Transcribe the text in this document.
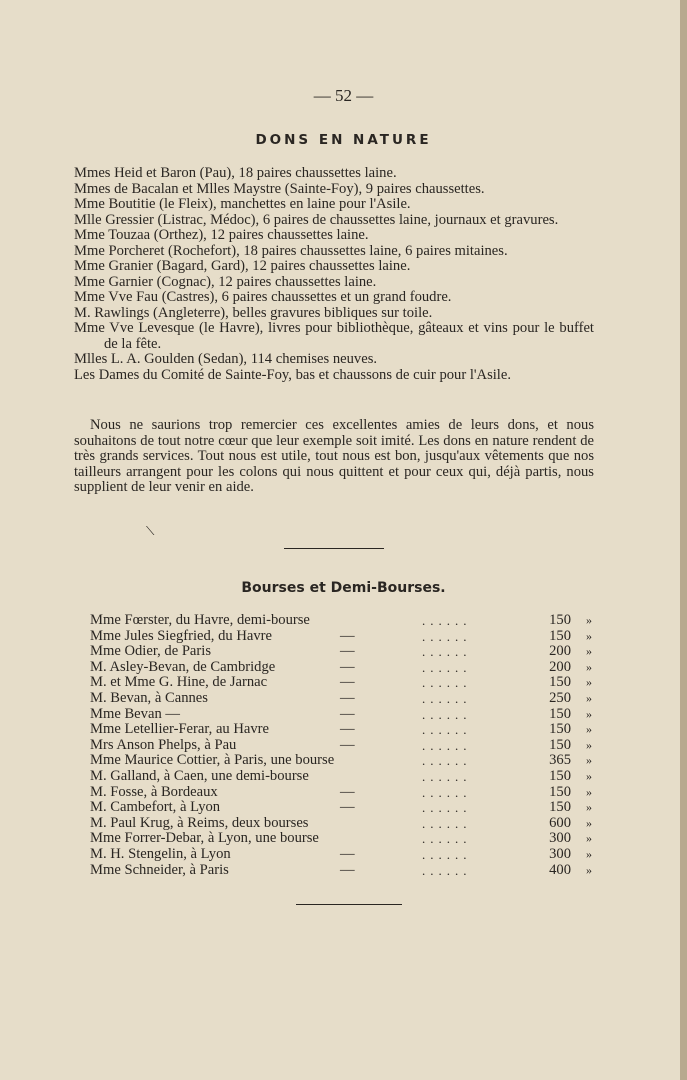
— 52 —
DONS EN NATURE
Mmes Heid et Baron (Pau), 18 paires chaussettes laine.
Mmes de Bacalan et Mlles Maystre (Sainte-Foy), 9 paires chaussettes.
Mme Boutitie (le Fleix), manchettes en laine pour l'Asile.
Mlle Gressier (Listrac, Médoc), 6 paires de chaussettes laine, journaux et gravures.
Mme Touzaa (Orthez), 12 paires chaussettes laine.
Mme Porcheret (Rochefort), 18 paires chaussettes laine, 6 paires mitaines.
Mme Granier (Bagard, Gard), 12 paires chaussettes laine.
Mme Garnier (Cognac), 12 paires chaussettes laine.
Mme Vve Fau (Castres), 6 paires chaussettes et un grand foudre.
M. Rawlings (Angleterre), belles gravures bibliques sur toile.
Mme Vve Levesque (le Havre), livres pour bibliothèque, gâteaux et vins pour le buffet de la fête.
Mlles L. A. Goulden (Sedan), 114 chemises neuves.
Les Dames du Comité de Sainte-Foy, bas et chaussons de cuir pour l'Asile.
Nous ne saurions trop remercier ces excellentes amies de leurs dons, et nous souhaitons de tout notre cœur que leur exemple soit imité. Les dons en nature rendent de très grands services. Tout nous est utile, tout nous est bon, jusqu'aux vêtements que nos tailleurs arrangent pour les colons qui nous quittent et pour ceux qui, déjà partis, nous supplient de leur venir en aide.
⟍
Bourses et Demi-Bourses.
Mme Fœrster, du Havre, demi-bourse	......	150 »
Mme Jules Siegfried, du Havre	—	......	150 »
Mme Odier, de Paris	—	......	200 »
M. Asley-Bevan, de Cambridge	—	......	200 »
M. et Mme G. Hine, de Jarnac	—	......	150 »
M. Bevan, à Cannes	—	......	250 »
Mme Bevan —	—	......	150 »
Mme Letellier-Ferar, au Havre	—	......	150 »
Mrs Anson Phelps, à Pau	—	......	150 »
Mme Maurice Cottier, à Paris, une bourse	......	365 »
M. Galland, à Caen, une demi-bourse	......	150 »
M. Fosse, à Bordeaux	—	......	150 »
M. Cambefort, à Lyon	—	......	150 »
M. Paul Krug, à Reims, deux bourses	......	600 »
Mme Forrer-Debar, à Lyon, une bourse	......	300 »
M. H. Stengelin, à Lyon	—	......	300 »
Mme Schneider, à Paris	—	......	400 »
